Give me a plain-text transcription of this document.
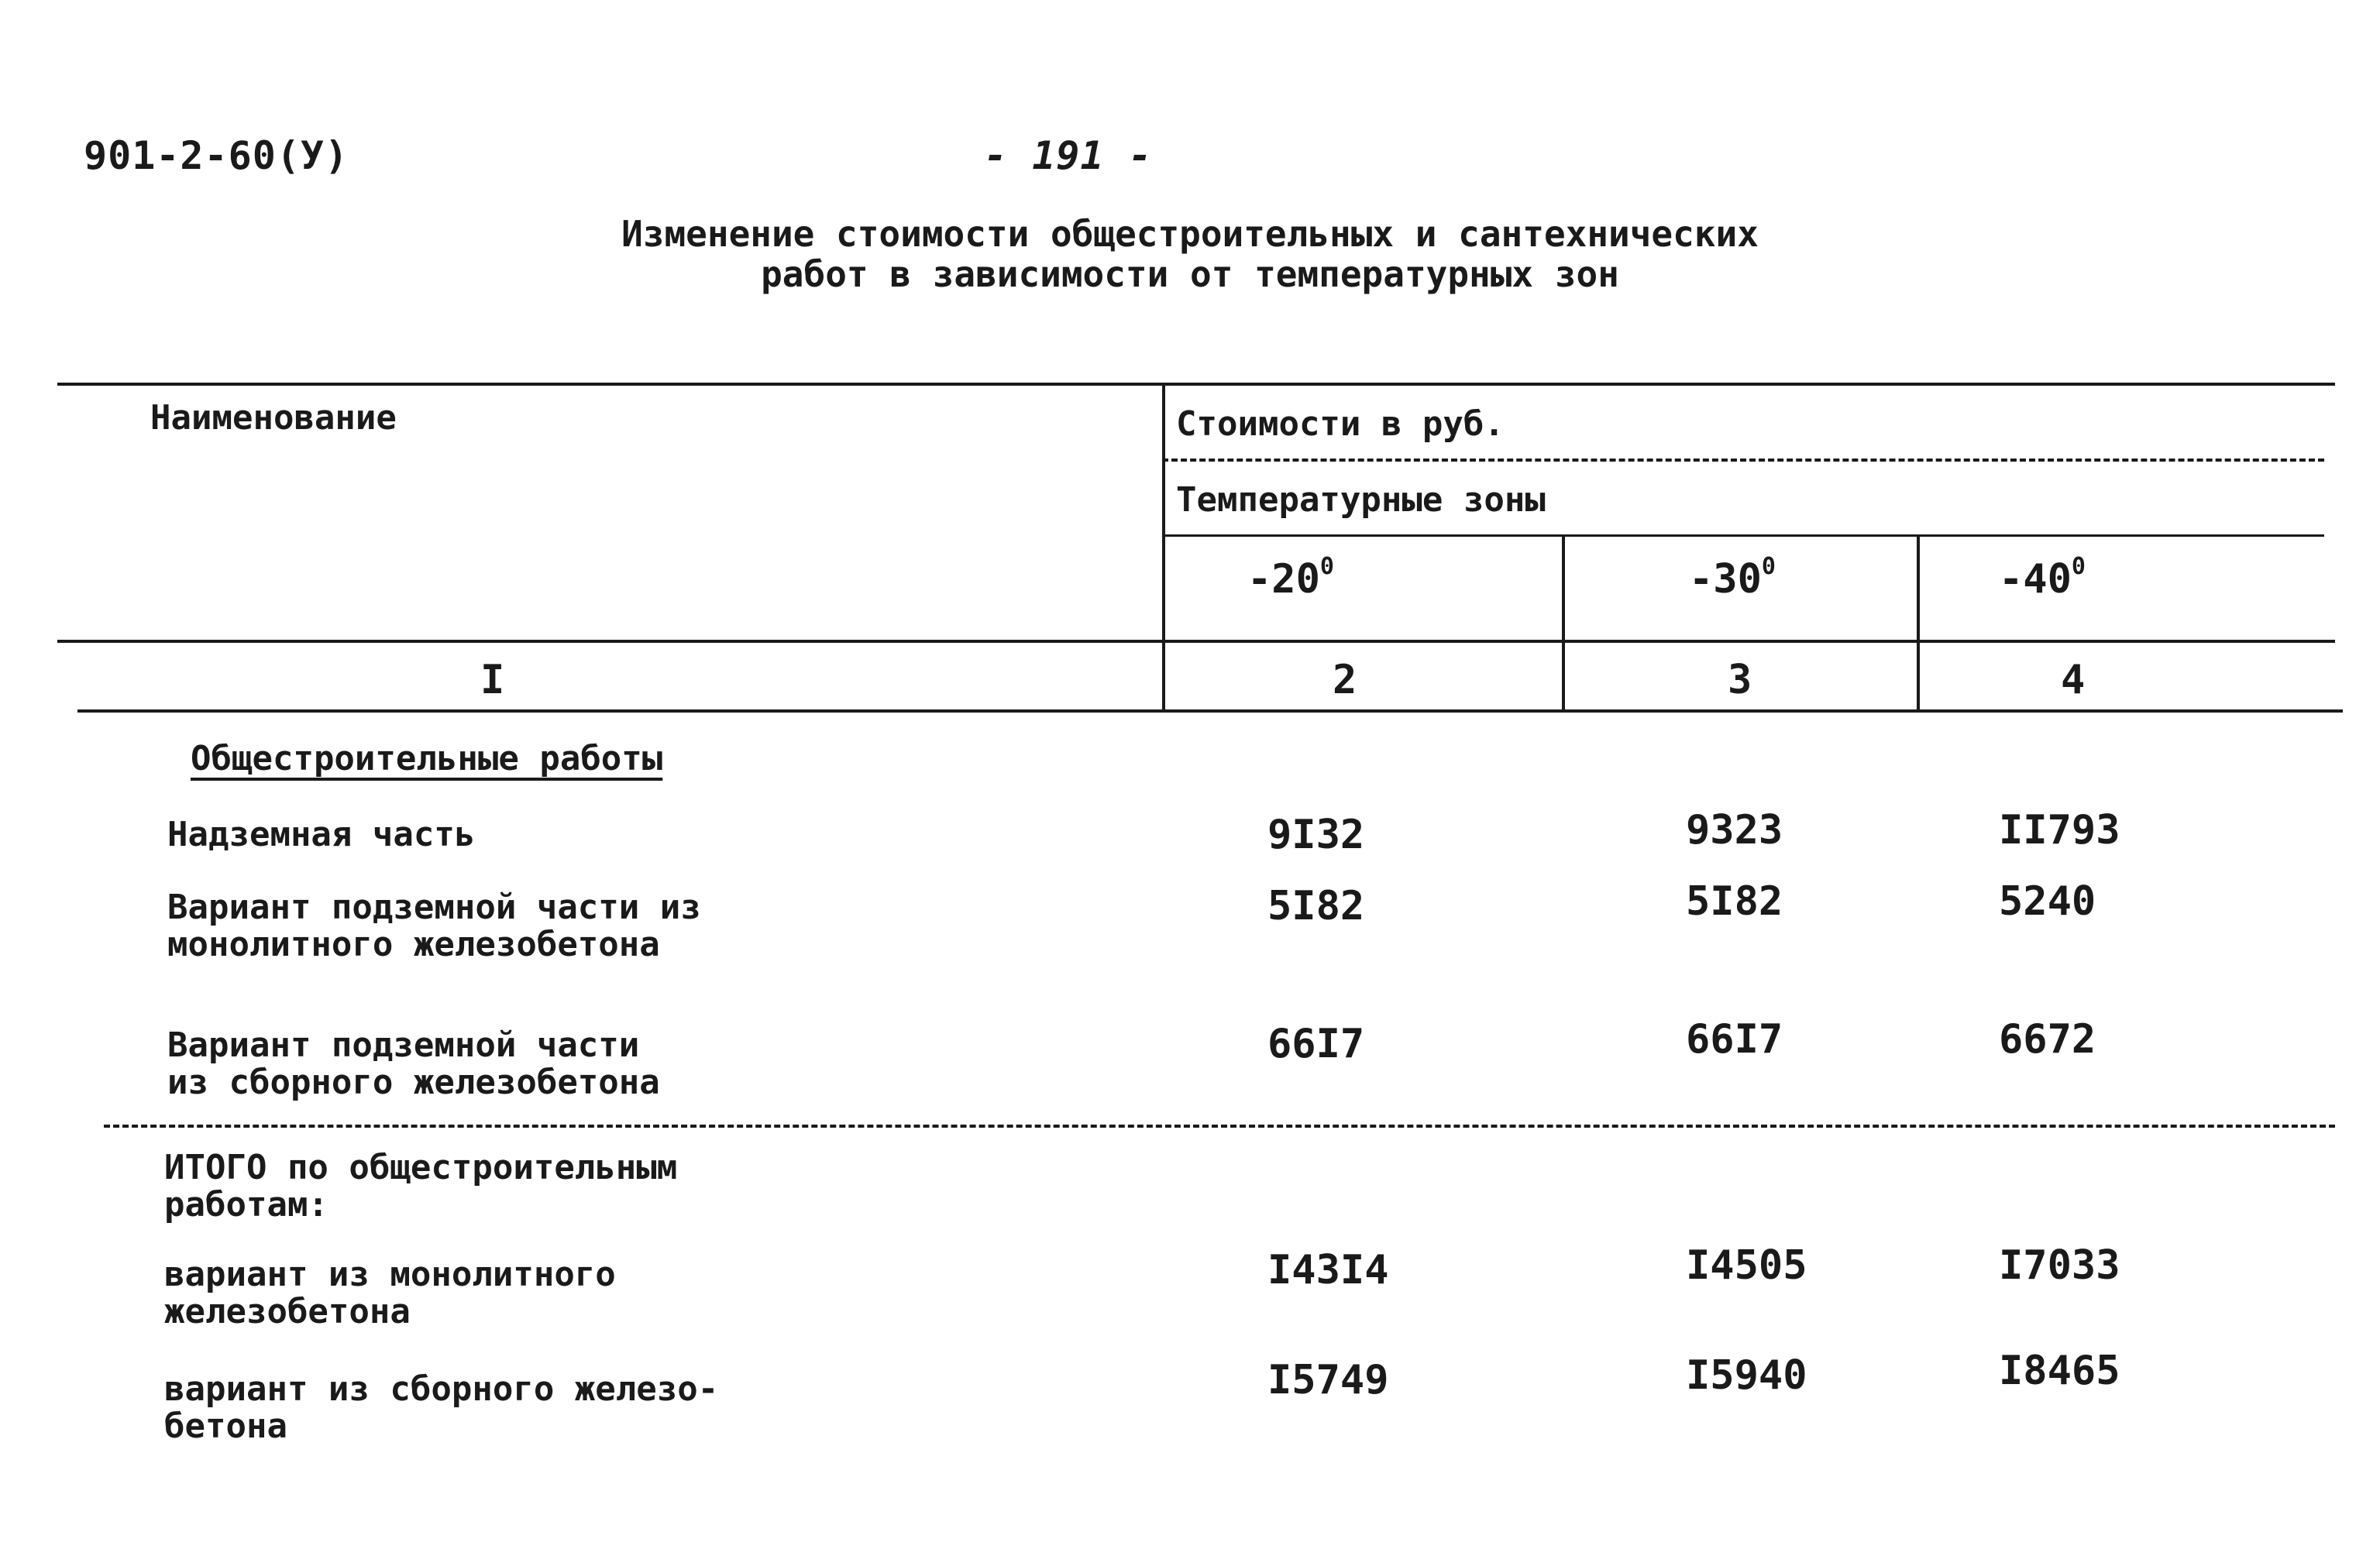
901-2-60(У)	- 191 -
Изменение стоимости общестроительных и сантехнических
работ в зависимости от температурных зон
Наименование	Стоимости в руб.
Температурные зоны
$-20^0$	$-30^0$	$-40^0$
I	2	3	4
Общестроительные работы
Надземная часть	9I32	9323	II793
Вариант подземной части из
монолитного железобетона
5I82	5I82	5240
Вариант подземной части
из сборного железобетона
66I7	66I7	6672
ИТОГО по общестроительным
работам:
вариант из монолитного
железобетона
I43I4	I4505	I7033
вариант из сборного железо-
бетона
I5749	I5940	I8465
